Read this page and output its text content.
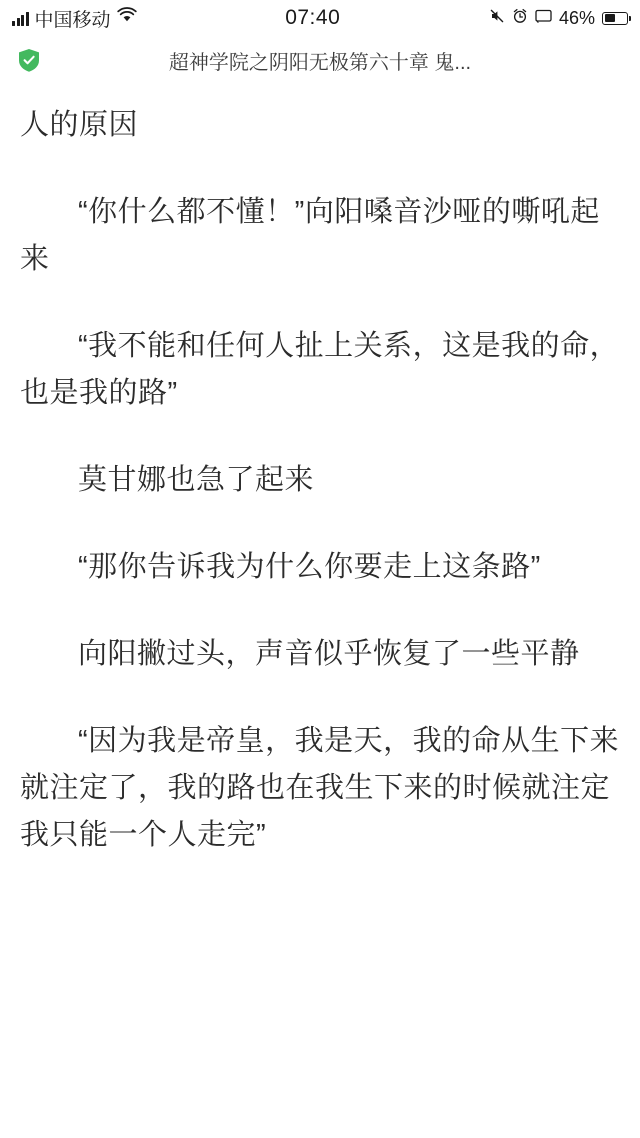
中国移动	07:40	46%
超神学院之阴阳无极第六十章 鬼...

人的原因

“你什么都不懂！”向阳嗓音沙哑的嘶吼起来

“我不能和任何人扯上关系，这是我的命，也是我的路”

莫甘娜也急了起来

“那你告诉我为什么你要走上这条路”

向阳撇过头，声音似乎恢复了一些平静

“因为我是帝皇，我是天，我的命从生下来就注定了，我的路也在我生下来的时候就注定我只能一个人走完”
